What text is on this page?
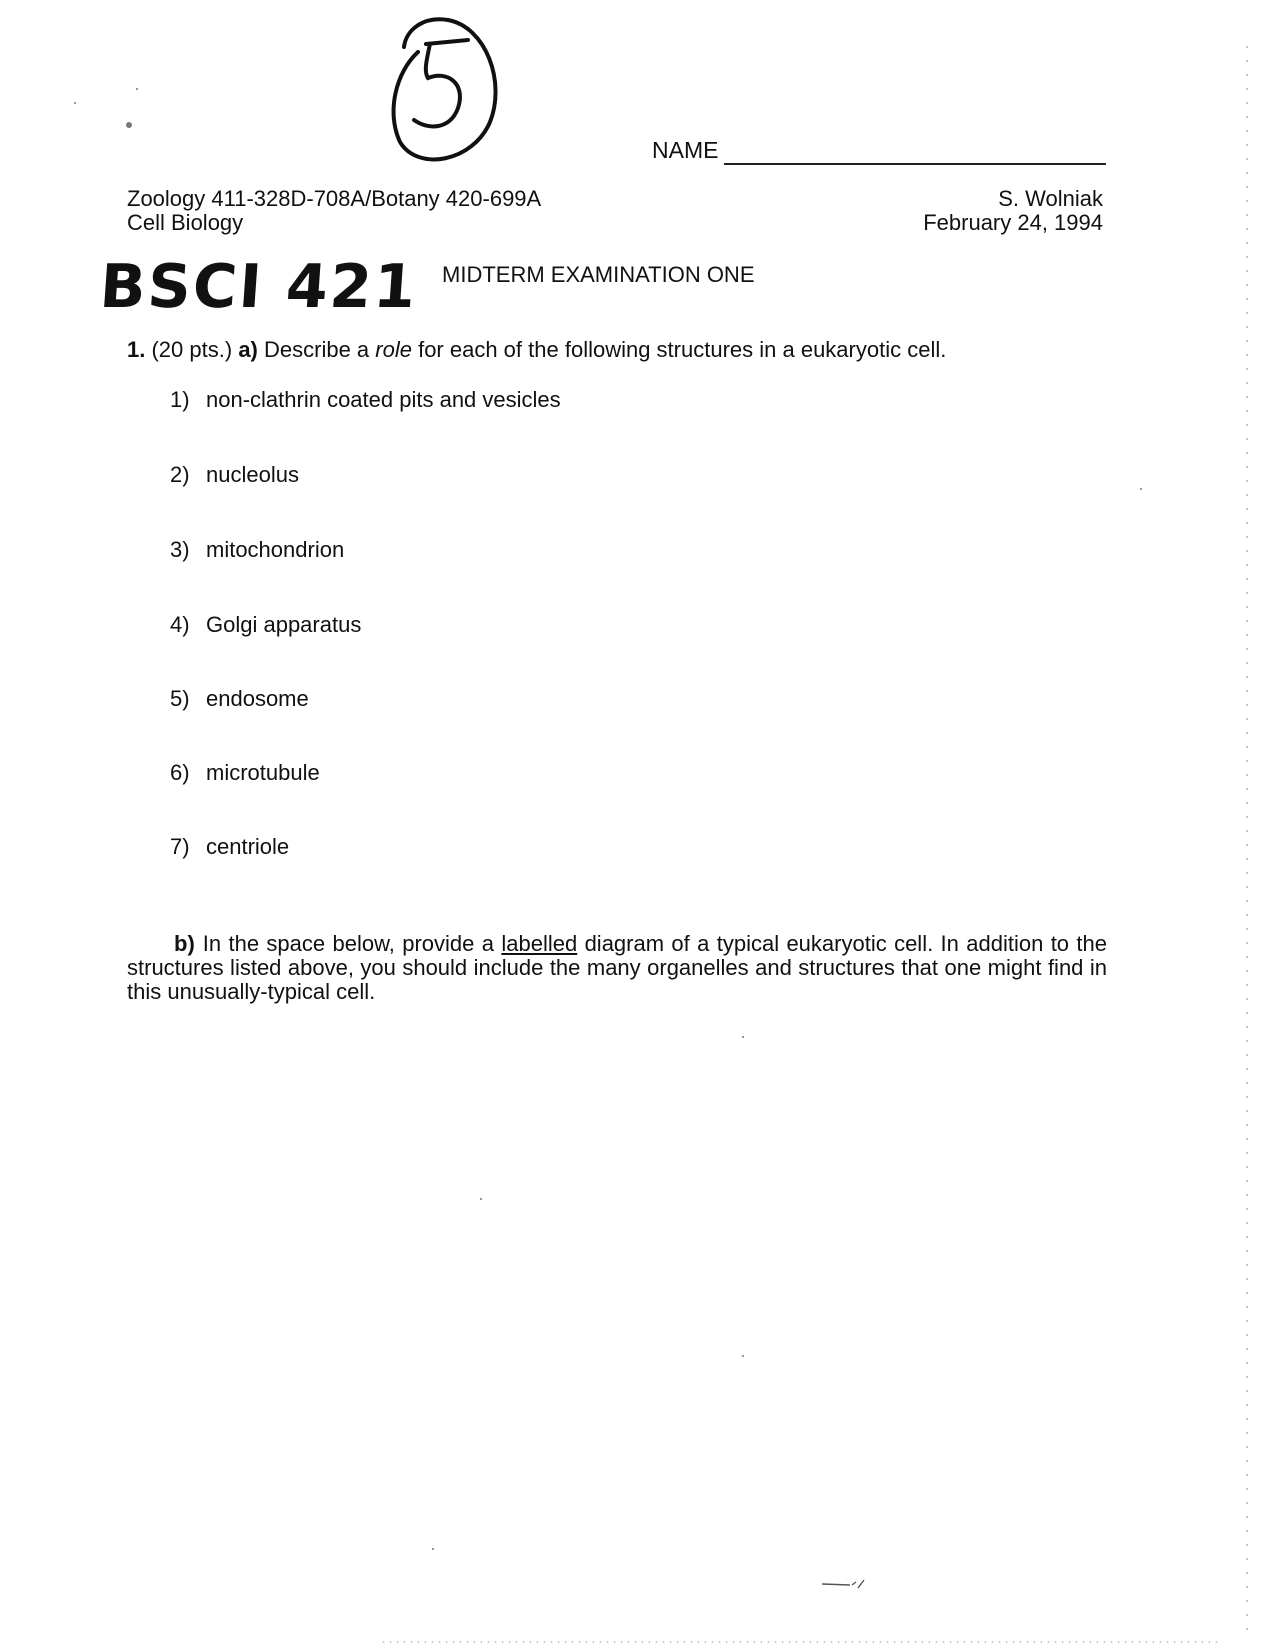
NAME
Zoology 411-328D-708A/Botany 420-699A
Cell Biology
S. Wolniak
February 24, 1994
BSCI 421 MIDTERM EXAMINATION ONE
1. (20 pts.) a) Describe a role for each of the following structures in a eukaryotic cell.
1) non-clathrin coated pits and vesicles
2) nucleolus
3) mitochondrion
4) Golgi apparatus
5) endosome
6) microtubule
7) centriole

b) In the space below, provide a labelled diagram of a typical eukaryotic cell. In addition to the structures listed above, you should include the many organelles and structures that one might find in this unusually-typical cell.
